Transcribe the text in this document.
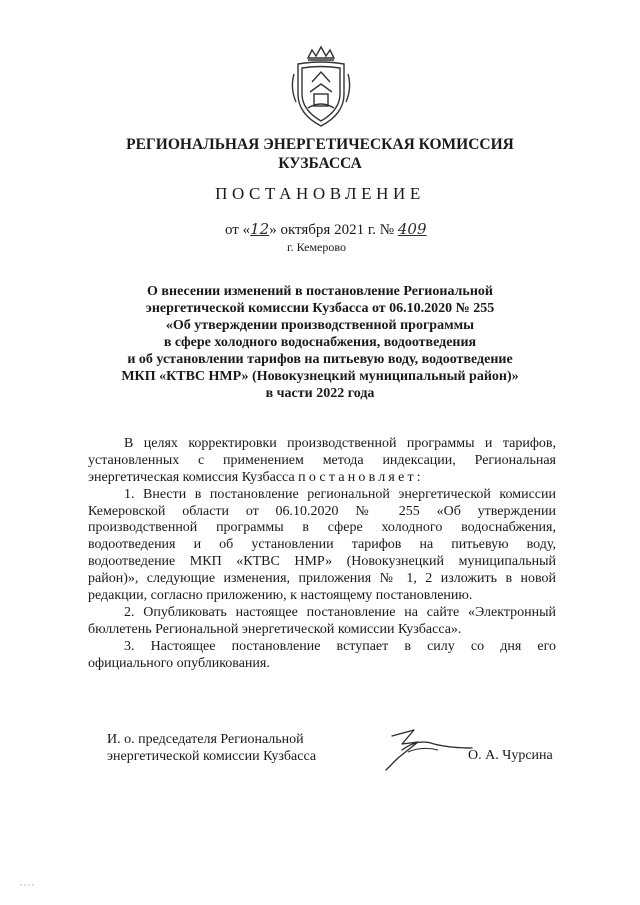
РЕГИОНАЛЬНАЯ ЭНЕРГЕТИЧЕСКАЯ КОМИССИЯ
КУЗБАССА
ПОСТАНОВЛЕНИЕ
от «12» октября 2021 г. № 409
г. Кемерово
О внесении изменений в постановление Региональной
энергетической комиссии Кузбасса от 06.10.2020 № 255
«Об утверждении производственной программы
в сфере холодного водоснабжения, водоотведения
и об установлении тарифов на питьевую воду, водоотведение
МКП «КТВС НМР» (Новокузнецкий муниципальный район)»
в части 2022 года
В целях корректировки производственной программы и тарифов,
установленных с применением метода индексации, Региональная
энергетическая комиссия Кузбасса постановляет:
1. Внести в постановление региональной энергетической комиссии
Кемеровской области от 06.10.2020 № 255 «Об утверждении
производственной программы в сфере холодного водоснабжения,
водоотведения и об установлении тарифов на питьевую воду,
водоотведение МКП «КТВС НМР» (Новокузнецкий муниципальный
район)», следующие изменения, приложения № 1, 2 изложить в новой
редакции, согласно приложению, к настоящему постановлению.
2. Опубликовать настоящее постановление на сайте «Электронный
бюллетень Региональной энергетической комиссии Кузбасса».
3. Настоящее постановление вступает в силу со дня его
официального опубликования.
И. о. председателя Региональной
энергетической комиссии Кузбасса	О. А. Чурсина
